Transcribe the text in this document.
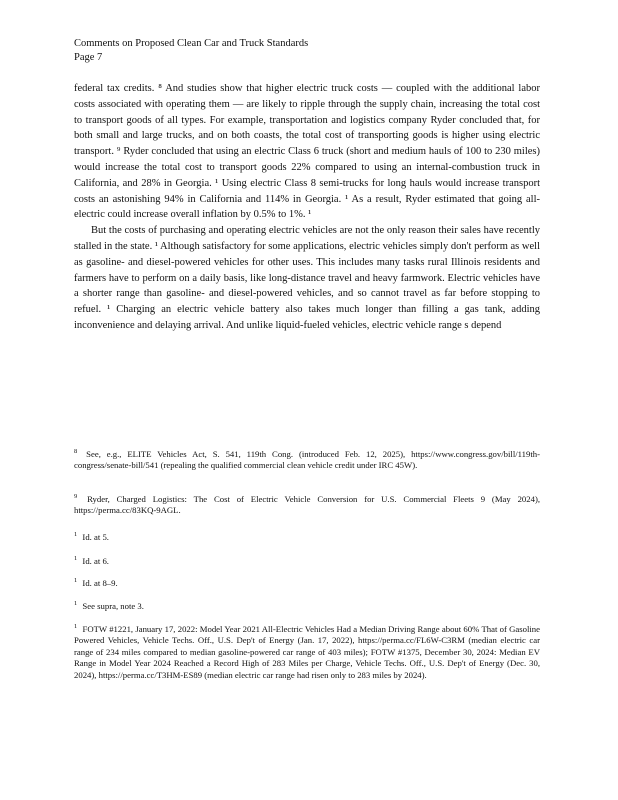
Comments on Proposed Clean Car and Truck Standards
Page 7

federal tax credits. ⁸ And studies show that higher electric truck costs — coupled with the additional labor costs associated with operating them — are likely to ripple through the supply chain, increasing the total cost to transport goods of all types. For example, transportation and logistics company Ryder concluded that, for both small and large trucks, and on both coasts, the total cost of transporting goods is higher using electric transport. ⁹ Ryder concluded that using an electric Class 6 truck (short and medium hauls of 100 to 230 miles) would increase the total cost to transport goods 22% compared to using an internal-combustion truck in California, and 28% in Georgia. ¹ Using electric Class 8 semi-trucks for long hauls would increase transport costs an astonishing 94% in California and 114% in Georgia. ¹ As a result, Ryder estimated that going all-electric could increase overall inflation by 0.5% to 1%. ¹

But the costs of purchasing and operating electric vehicles are not the only reason their sales have recently stalled in the state. ¹ Although satisfactory for some applications, electric vehicles simply don't perform as well as gasoline- and diesel-powered vehicles for other uses. This includes many tasks rural Illinois residents and farmers have to perform on a daily basis, like long-distance travel and heavy farmwork. Electric vehicles have a shorter range than gasoline- and diesel-powered vehicles, and so cannot travel as far before stopping to refuel. ¹ Charging an electric vehicle battery also takes much longer than filling a gas tank, adding inconvenience and delaying arrival. And unlike liquid-fueled vehicles, electric vehicle range s depend

$^8$ See, e.g., ELITE Vehicles Act, S. 541, 119th Cong. (introduced Feb. 12, 2025), https://www.congress.gov/bill/119th-congress/senate-bill/541 (repealing the qualified commercial clean vehicle credit under IRC 45W).
$^9$ Ryder, Charged Logistics: The Cost of Electric Vehicle Conversion for U.S. Commercial Fleets 9 (May 2024), https://perma.cc/83KQ-9AGL.
$^1$ Id. at 5.
$^1$ Id. at 6.
$^1$ Id. at 8–9.
$^1$ See supra, note 3.
$^1$ FOTW #1221, January 17, 2022: Model Year 2021 All-Electric Vehicles Had a Median Driving Range about 60% That of Gasoline Powered Vehicles, Vehicle Techs. Off., U.S. Dep't of Energy (Jan. 17, 2022), https://perma.cc/FL6W-C3RM (median electric car range of 234 miles compared to median gasoline-powered car range of 403 miles); FOTW #1375, December 30, 2024: Median EV Range in Model Year 2024 Reached a Record High of 283 Miles per Charge, Vehicle Techs. Off., U.S. Dep't of Energy (Dec. 30, 2024), https://perma.cc/T3HM-ES89 (median electric car range had risen only to 283 miles by 2024).
